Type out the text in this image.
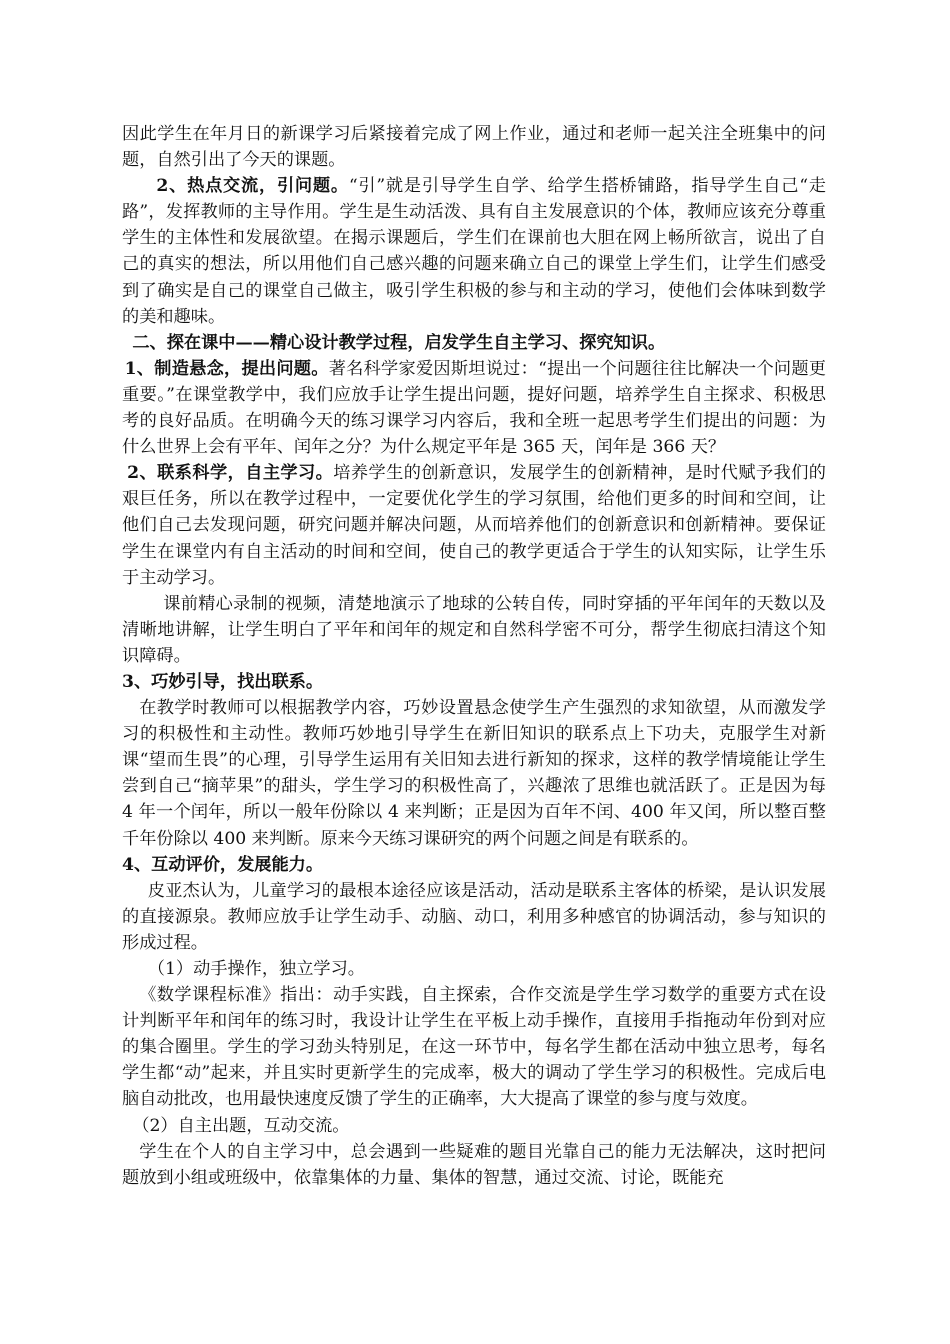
因此学生在年月日的新课学习后紧接着完成了网上作业，通过和老师一起关注全班集中的问题，自然引出了今天的课题。

2、热点交流，引问题。“引”就是引导学生自学、给学生搭桥铺路，指导学生自己“走路”，发挥教师的主导作用。学生是生动活泼、具有自主发展意识的个体，教师应该充分尊重学生的主体性和发展欲望。在揭示课题后，学生们在课前也大胆在网上畅所欲言，说出了自己的真实的想法，所以用他们自己感兴趣的问题来确立自己的课堂上学生们，让学生们感受到了确实是自己的课堂自己做主，吸引学生积极的参与和主动的学习，使他们会体味到数学的美和趣味。

二、探在课中——精心设计教学过程，启发学生自主学习、探究知识。

1、制造悬念，提出问题。著名科学家爱因斯坦说过：“提出一个问题往往比解决一个问题更重要。”在课堂教学中，我们应放手让学生提出问题，提好问题，培养学生自主探求、积极思考的良好品质。在明确今天的练习课学习内容后，我和全班一起思考学生们提出的问题：为什么世界上会有平年、闰年之分？为什么规定平年是 365 天，闰年是 366 天？

2、联系科学，自主学习。培养学生的创新意识，发展学生的创新精神，是时代赋予我们的艰巨任务，所以在教学过程中，一定要优化学生的学习氛围，给他们更多的时间和空间，让他们自己去发现问题，研究问题并解决问题，从而培养他们的创新意识和创新精神。要保证学生在课堂内有自主活动的时间和空间，使自己的教学更适合于学生的认知实际，让学生乐于主动学习。

课前精心录制的视频，清楚地演示了地球的公转自传，同时穿插的平年闰年的天数以及清晰地讲解，让学生明白了平年和闰年的规定和自然科学密不可分，帮学生彻底扫清这个知识障碍。

3、巧妙引导，找出联系。

在教学时教师可以根据教学内容，巧妙设置悬念使学生产生强烈的求知欲望，从而激发学习的积极性和主动性。教师巧妙地引导学生在新旧知识的联系点上下功夫，克服学生对新课“望而生畏”的心理，引导学生运用有关旧知去进行新知的探求，这样的教学情境能让学生尝到自己“摘苹果”的甜头，学生学习的积极性高了，兴趣浓了思维也就活跃了。正是因为每 4 年一个闰年，所以一般年份除以 4 来判断；正是因为百年不闰、400 年又闰，所以整百整千年份除以 400 来判断。原来今天练习课研究的两个问题之间是有联系的。

4、互动评价，发展能力。

皮亚杰认为，儿童学习的最根本途径应该是活动，活动是联系主客体的桥梁，是认识发展的直接源泉。教师应放手让学生动手、动脑、动口，利用多种感官的协调活动，参与知识的形成过程。

（1）动手操作，独立学习。

《数学课程标准》指出：动手实践，自主探索，合作交流是学生学习数学的重要方式在设计判断平年和闰年的练习时，我设计让学生在平板上动手操作，直接用手指拖动年份到对应的集合圈里。学生的学习劲头特别足，在这一环节中，每名学生都在活动中独立思考，每名学生都“动”起来，并且实时更新学生的完成率，极大的调动了学生学习的积极性。完成后电脑自动批改，也用最快速度反馈了学生的正确率，大大提高了课堂的参与度与效度。

（2）自主出题，互动交流。

学生在个人的自主学习中，总会遇到一些疑难的题目光靠自己的能力无法解决，这时把问题放到小组或班级中，依靠集体的力量、集体的智慧，通过交流、讨论，既能充
